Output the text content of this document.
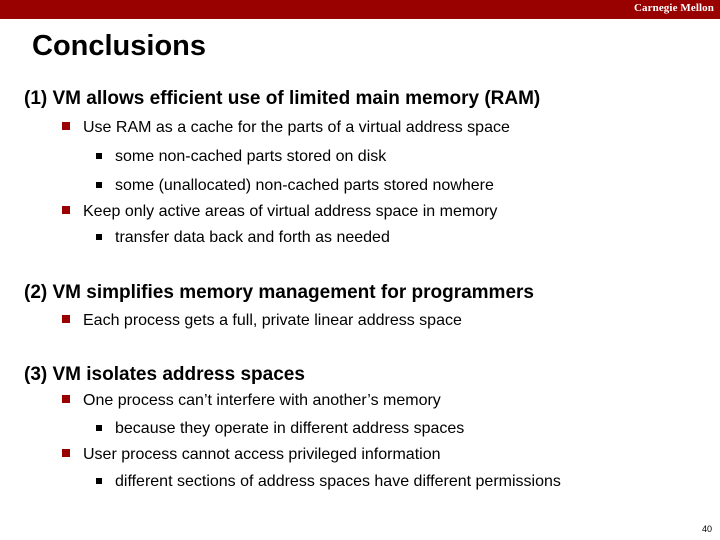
Carnegie Mellon
Conclusions
(1) VM allows efficient use of limited main memory (RAM)
Use RAM as a cache for the parts of a virtual address space
some non-cached parts stored on disk
some (unallocated) non-cached parts stored nowhere
Keep only active areas of virtual address space in memory
transfer data back and forth as needed
(2) VM simplifies memory management for programmers
Each process gets a full, private linear address space
(3) VM isolates address spaces
One process can’t interfere with another’s memory
because they operate in different address spaces
User process cannot access privileged information
different sections of address spaces have different permissions
40
